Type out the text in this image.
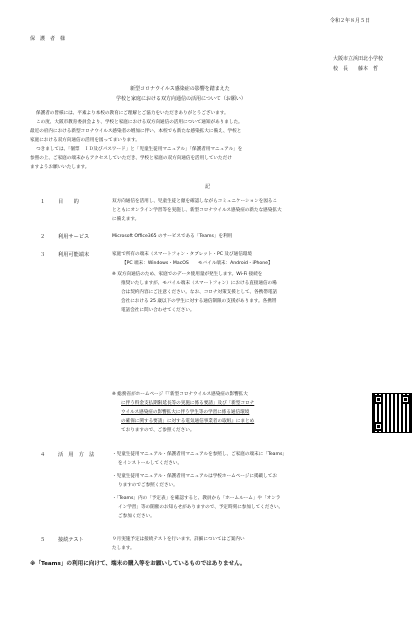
令和２年８月５日
保　護　者　様
大阪市立浜田北小学校
校　長　　藤本　哲
新型コロナウイルス感染症の影響を踏まえた
学校と家庭における双方向通信の活用について（お願い）
保護者の皆様には、平素より本校の教育にご理解とご協力をいただきありがとうございます。
この度、大阪市教育委員会より、学校と家庭における双方向通信の活用について通知がありました。
最近の府内における新型コロナウイルス感染者の増加に伴い、本校でも新たな感染拡大に備え、学校と
家庭における双方向通信の活用を図ってまいります。
つきましては、「個票　ＩＤ及びパスワード」と「児童生徒用マニュアル」「保護者用マニュアル」を
参照の上、ご家庭の端末からアクセスしていただき、学校と家庭の双方向通信を活用していただけ
ますようお願いいたします。
記
１ 目　　的	双方向通信を活用し、児童生徒と顔を確認しながらコミュニケーションを図るこ
とともにオンライン学習等を実施し、新型コロナウイルス感染症の新たな感染拡大
に備えます。
２ 利用サービス	Microsoft Office365 のサービスである「Teams」を利用
３ 利用可能端末	家庭で所有の端末（スマートフォン・タブレット・PC 及び通信環境
【PC 端末：Windows・MacOS　　モバイル端末：Android・iPhone】
※ 双方向通信のため、家庭でのデータ使用量が発生します。Wi-Fi 接続を
推奨いたしますが、モバイル端末（スマートフォン）における直接通信の場
合は契約内容にご注意ください。なお、コロナ対策支援として、各携帯電話
会社における 25 歳以下の学生に対する通信制限の支援があります。各携帯
電話会社に問い合わせてください。
※ 総務省がホームページ『「新型コロナウイルス感染症の影響拡大
に伴う料金支払期限延長等の実施に係る要請」及び「新型コロナ
ウイルス感染症の影響拡大に伴う学生等の学習に係る通信環境
の確保に関する要請」に対する電気通信事業者の取組』にまとめ
ておりますので、ご参照ください。
４ 活　用　方　法	・児童生徒用マニュアル・保護者用マニュアルを参照し、ご家庭の端末に「Teams」
をインストールしてください。
・児童生徒用マニュアル・保護者用マニュアルは学校ホームページに掲載してお
りますのでご参照ください。
・「Teams」内の「予定表」を確認すると、教員から「ホームルーム」や「オンラ
イン学習」等の開催のお知らせがありますので、予定時刻に参加してください。
ご参加ください。
５ 接続テスト	９月実施予定は接続テストを行います。詳細についてはご案内い
たします。
※「Teams」の利用に向けて、端末の購入等をお願いしているものではありません。
